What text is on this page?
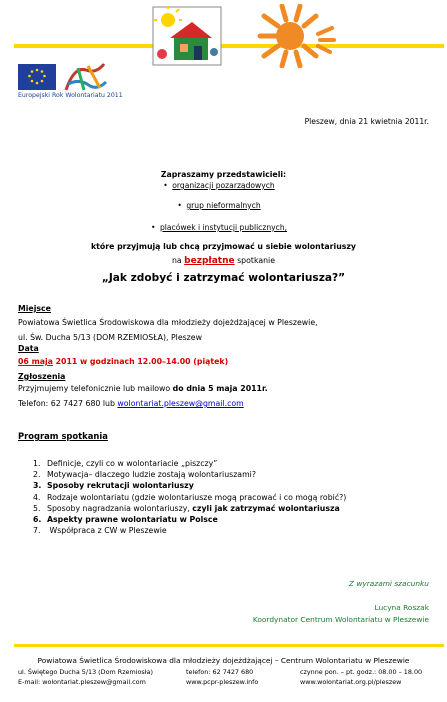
Europejski Rok Wolontariatu 2011
Pleszew, dnia 21 kwietnia 2011r.
Zapraszamy przedstawicieli:
• organizacji pozarządowych
• grup nieformalnych
• placówek i instytucji publicznych,
które przyjmują lub chcą przyjmować u siebie wolontariuszy
na bezpłatne spotkanie
„Jak zdobyć i zatrzymać wolontariusza?”
Miejsce
Powiatowa Świetlica Środowiskowa dla młodzieży dojeżdżającej w Pleszewie,
ul. Św. Ducha 5/13 (DOM RZEMIOSŁA), Pleszew
Data
06 maja 2011 w godzinach 12.00–14.00 (piątek)
Zgłoszenia
Przyjmujemy telefonicznie lub mailowo do dnia 5 maja 2011r.
Telefon: 62 7427 680 lub wolontariat.pleszew@gmail.com
Program spotkania
1. Definicje, czyli co w wolontariacie „piszczy”
2. Motywacja– dlaczego ludzie zostają wolontariuszami?
3. Sposoby rekrutacji wolontariuszy
4. Rodzaje wolontariatu (gdzie wolontariusze mogą pracować i co mogą robić?)
5. Sposoby nagradzania wolontariuszy, czyli jak zatrzymać wolontariusza
6. Aspekty prawne wolontariatu w Polsce
7. Współpraca z CW w Pleszewie
Z wyrazami szacunku
Lucyna Roszak
Koordynator Centrum Wolontariatu w Pleszewie
Powiatowa Świetlica Środowiskowa dla młodzieży dojeżdżającej – Centrum Wolontariatu w Pleszewie
ul. Świętego Ducha 5/13 (Dom Rzemiosła)
E-mail: wolontariat.pleszew@gmail.com
telefon: 62 7427 680
www.pcpr-pleszew.info
czynne pon. – pt. godz.: 08.00 – 18.00
www.wolontariat.org.pl/pleszew
